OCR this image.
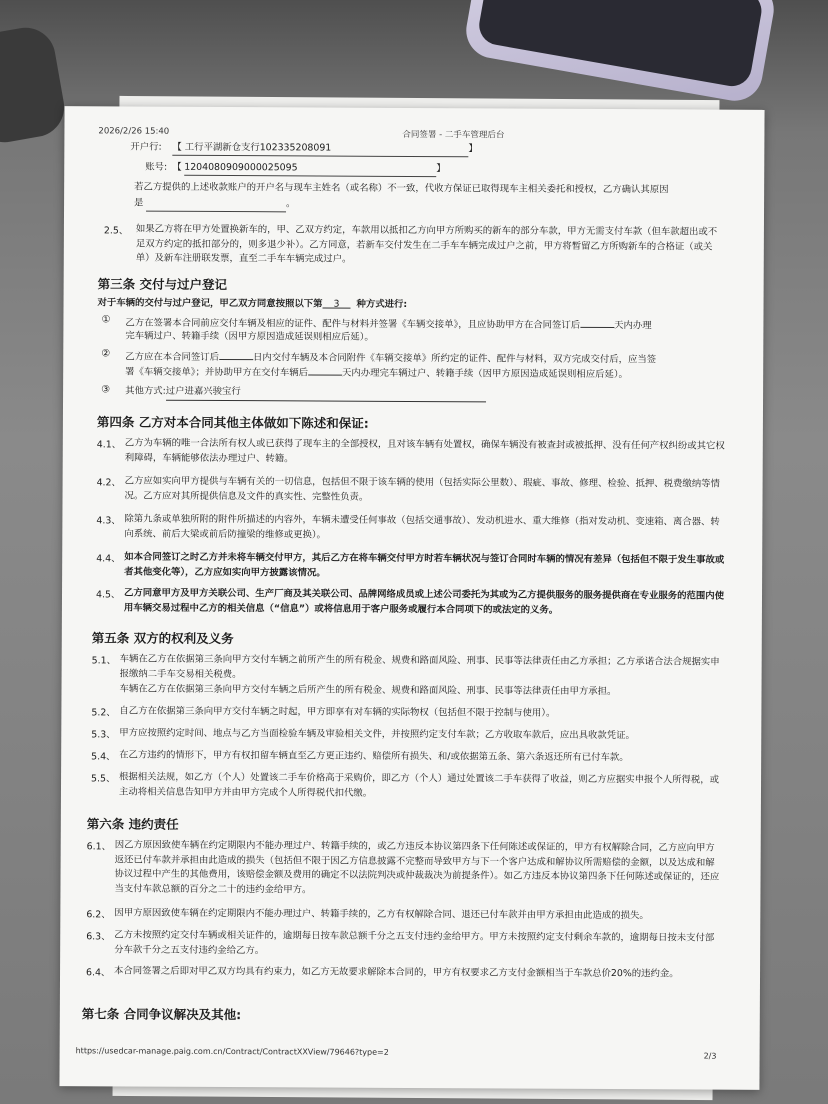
2026/2/26 15:40	合同签署 - 二手车管理后台
开户行: 【 工行平湖新仓支行102335208091	】
账号: 【 1204080909000025095	】
若乙方提供的上述收款账户的开户名与现车主姓名（或名称）不一致，代收方保证已取得现车主相关委托和授权，乙方确认其原因
是	。
2.5、 如果乙方将在甲方处置换新车的，甲、乙双方约定，车款用以抵扣乙方向甲方所购买的新车的部分车款，甲方无需支付车款（但车款超出或不足双方约定的抵扣部分的，则多退少补）。乙方同意，若新车交付发生在二手车车辆完成过户之前，甲方将暂留乙方所购新车的合格证（或关单）及新车注册联发票，直至二手车车辆完成过户。
第三条 交付与过户登记
对于车辆的交付与过户登记，甲乙双方同意按照以下第 3 种方式进行:
① 乙方在签署本合同前应交付车辆及相应的证件、配件与材料并签署《车辆交接单》，且应协助甲方在合同签订后	天内办理
完车辆过户、转籍手续（因甲方原因造成延误则相应后延）。
② 乙方应在本合同签订后	日内交付车辆及本合同附件《车辆交接单》所约定的证件、配件与材料，双方完成交付后，应当签
署《车辆交接单》；并协助甲方在交付车辆后	天内办理完车辆过户、转籍手续（因甲方原因造成延误则相应后延）。
③ 其他方式:过户进嘉兴骏宝行
第四条 乙方对本合同其他主体做如下陈述和保证:
4.1、 乙方为车辆的唯一合法所有权人或已获得了现车主的全部授权，且对该车辆有处置权，确保车辆没有被查封或被抵押、没有任何产权纠纷或其它权利障碍，车辆能够依法办理过户、转籍。
4.2、 乙方应如实向甲方提供与车辆有关的一切信息，包括但不限于该车辆的使用（包括实际公里数）、瑕疵、事故、修理、检验、抵押、税费缴纳等情况。乙方应对其所提供信息及文件的真实性、完整性负责。
4.3、 除第九条或单独所附的附件所描述的内容外，车辆未遭受任何事故（包括交通事故）、发动机进水、重大维修（指对发动机、变速箱、离合器、转向系统、前后大梁或前后防撞梁的维修或更换）。
4.4、 如本合同签订之时乙方并未将车辆交付甲方，其后乙方在将车辆交付甲方时若车辆状况与签订合同时车辆的情况有差异（包括但不限于发生事故或者其他变化等），乙方应如实向甲方披露该情况。
4.5、 乙方同意甲方及甲方关联公司、生产厂商及其关联公司、品牌网络成员或上述公司委托为其或为乙方提供服务的服务提供商在专业服务的范围内使用车辆交易过程中乙方的相关信息（“信息”）或将信息用于客户服务或履行本合同项下的或法定的义务。
第五条 双方的权利及义务
5.1、 车辆在乙方在依据第三条向甲方交付车辆之前所产生的所有税金、规费和路面风险、刑事、民事等法律责任由乙方承担；乙方承诺合法合规据实申报缴纳二手车交易相关税费。
车辆在乙方在依据第三条向甲方交付车辆之后所产生的所有税金、规费和路面风险、刑事、民事等法律责任由甲方承担。
5.2、 自乙方在依据第三条向甲方交付车辆之时起，甲方即享有对车辆的实际物权（包括但不限于控制与使用）。
5.3、 甲方应按照约定时间、地点与乙方当面检验车辆及审验相关文件，并按照约定支付车款；乙方收取车款后，应出具收款凭证。
5.4、 在乙方违约的情形下，甲方有权扣留车辆直至乙方更正违约、赔偿所有损失、和/或依据第五条、第六条返还所有已付车款。
5.5、 根据相关法规，如乙方（个人）处置该二手车价格高于采购价，即乙方（个人）通过处置该二手车获得了收益，则乙方应据实申报个人所得税，或主动将相关信息告知甲方并由甲方完成个人所得税代扣代缴。
第六条 违约责任
6.1、 因乙方原因致使车辆在约定期限内不能办理过户、转籍手续的，或乙方违反本协议第四条下任何陈述或保证的，甲方有权解除合同，乙方应向甲方返还已付车款并承担由此造成的损失（包括但不限于因乙方信息披露不完整而导致甲方与下一个客户达成和解协议所需赔偿的金额，以及达成和解协议过程中产生的其他费用，该赔偿金额及费用的确定不以法院判决或仲裁裁决为前提条件）。如乙方违反本协议第四条下任何陈述或保证的，还应当支付车款总额的百分之二十的违约金给甲方。
6.2、 因甲方原因致使车辆在约定期限内不能办理过户、转籍手续的，乙方有权解除合同、退还已付车款并由甲方承担由此造成的损失。
6.3、 乙方未按照约定交付车辆或相关证件的，逾期每日按车款总额千分之五支付违约金给甲方。甲方未按照约定支付剩余车款的，逾期每日按未支付部分车款千分之五支付违约金给乙方。
6.4、 本合同签署之后即对甲乙双方均具有约束力，如乙方无故要求解除本合同的，甲方有权要求乙方支付金额相当于车款总价20%的违约金。
第七条 合同争议解决及其他:
https://usedcar-manage.paig.com.cn/Contract/ContractXXView/79646?type=2	2/3
